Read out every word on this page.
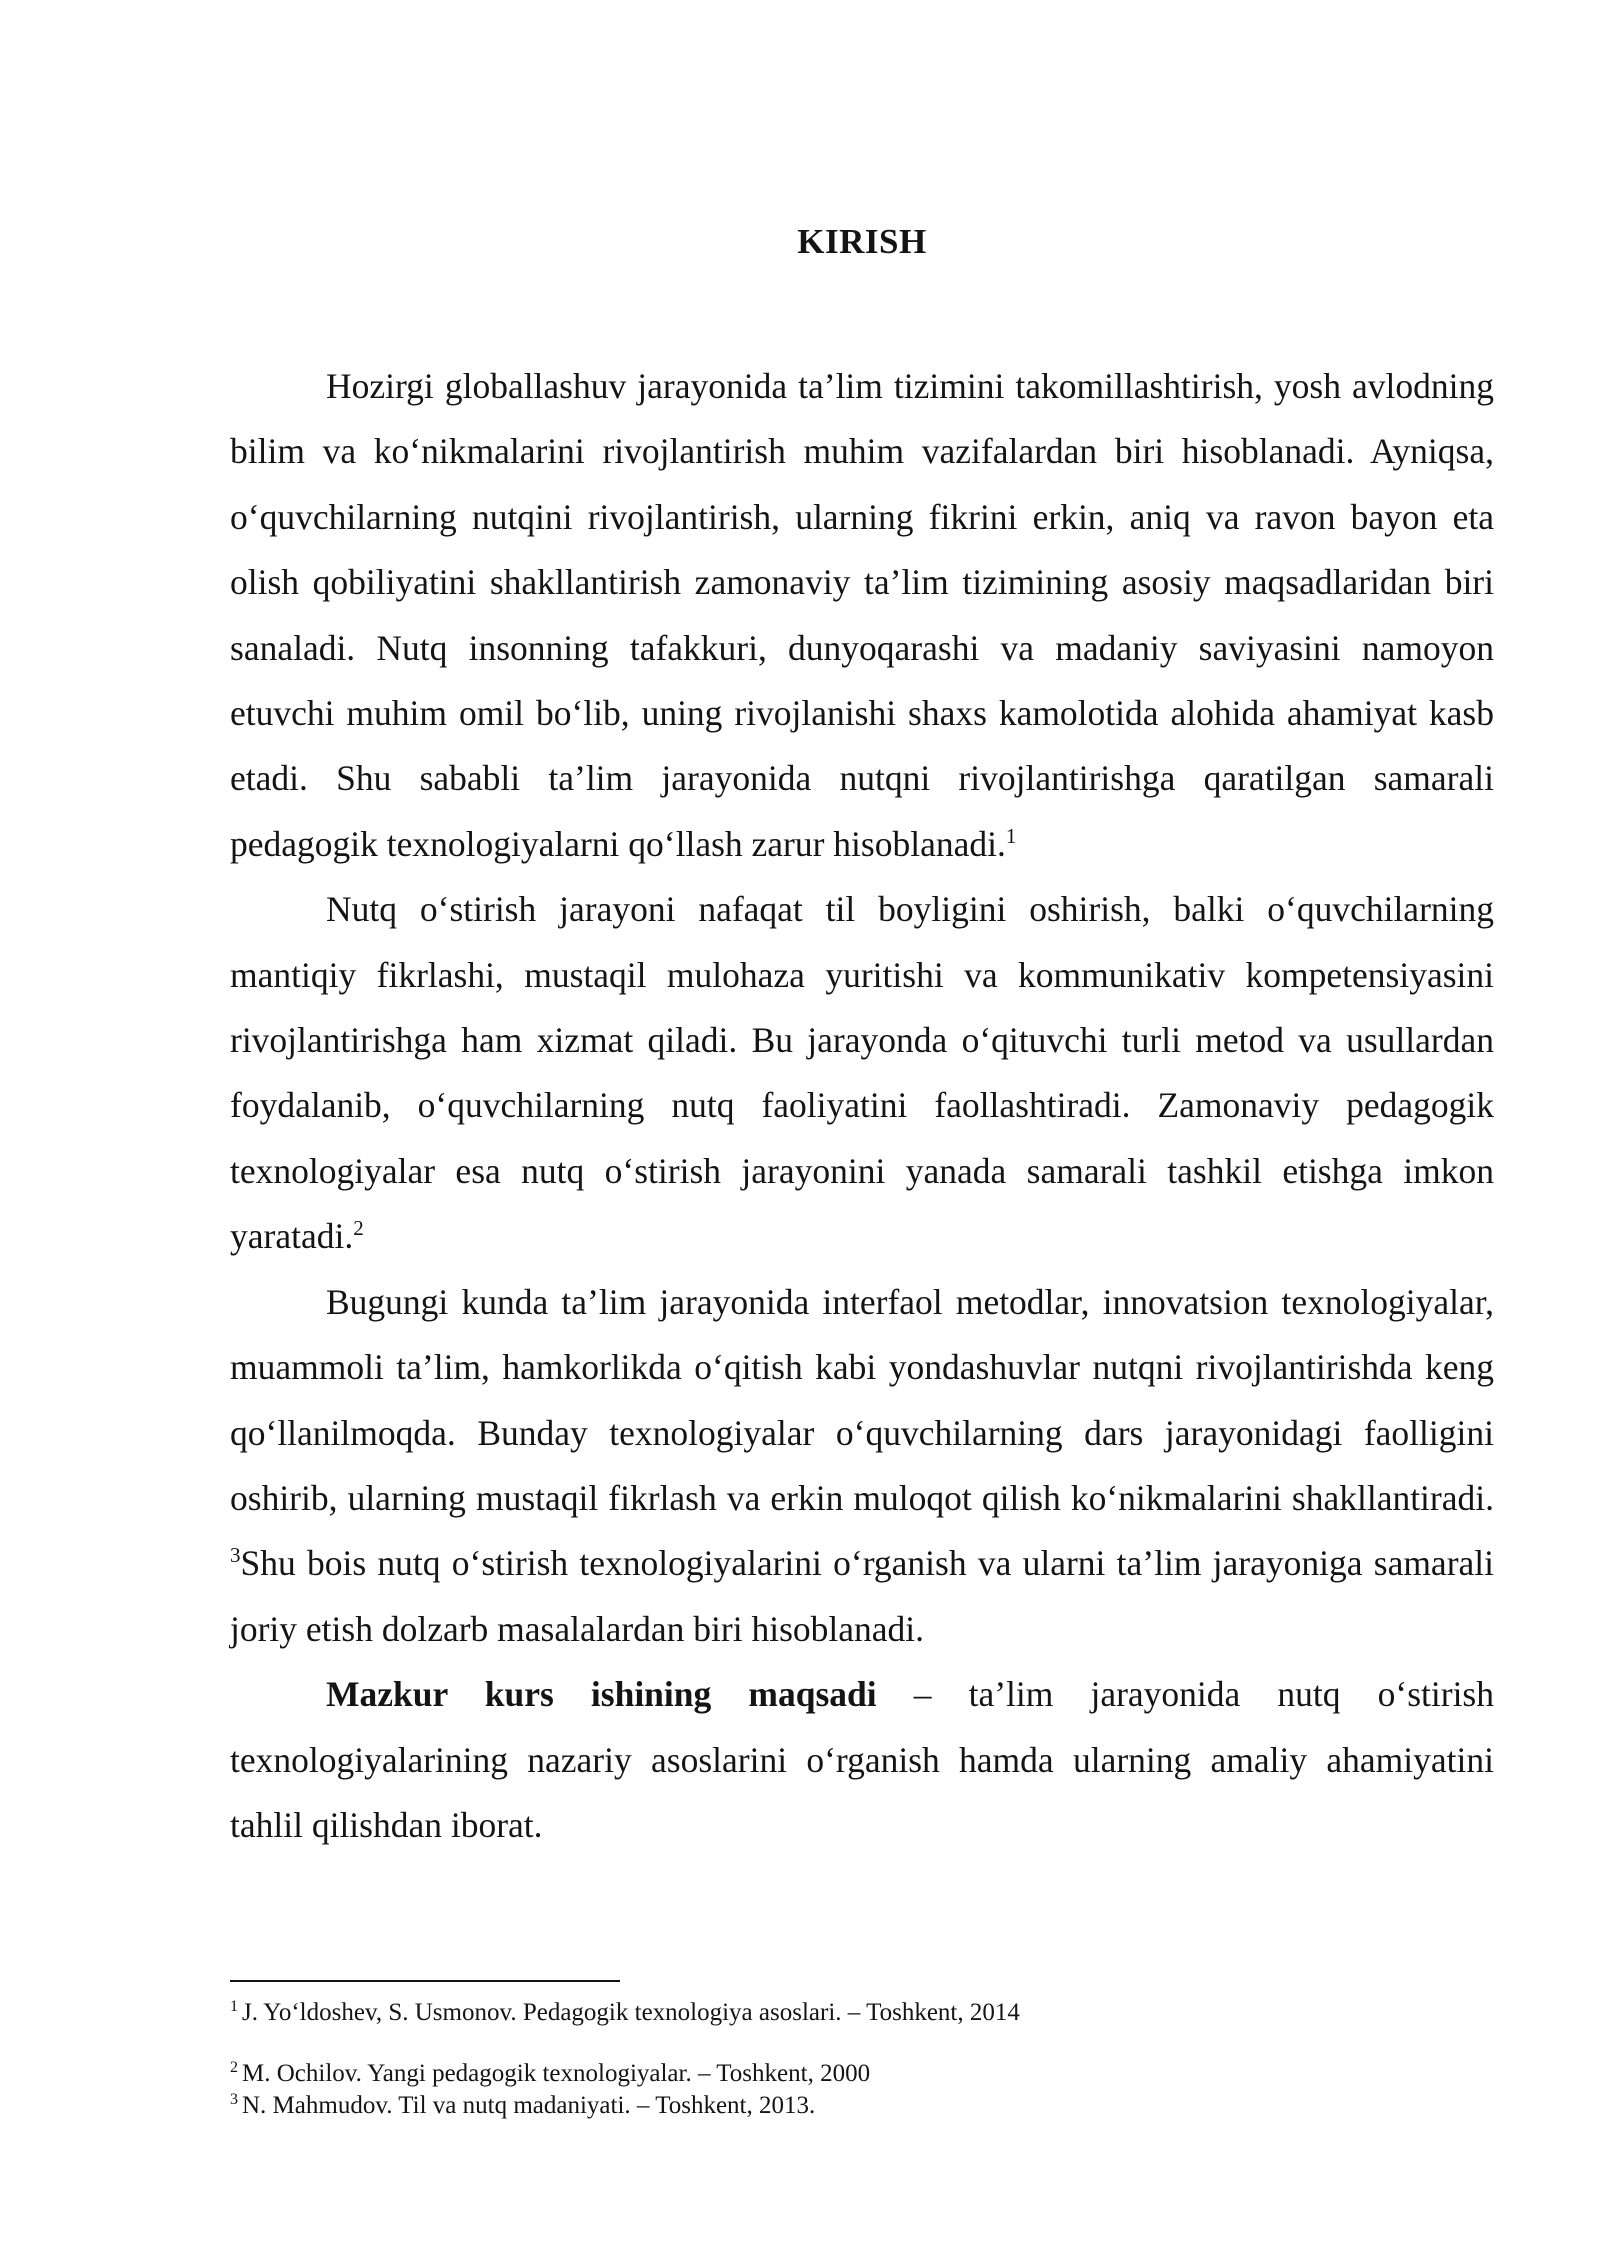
KIRISH

Hozirgi globallashuv jarayonida ta’lim tizimini takomillashtirish, yosh avlodning bilim va ko‘nikmalarini rivojlantirish muhim vazifalardan biri hisoblanadi. Ayniqsa, o‘quvchilarning nutqini rivojlantirish, ularning fikrini erkin, aniq va ravon bayon eta olish qobiliyatini shakllantirish zamonaviy ta’lim tizimining asosiy maqsadlaridan biri sanaladi. Nutq insonning tafakkuri, dunyoqarashi va madaniy saviyasini namoyon etuvchi muhim omil bo‘lib, uning rivojlanishi shaxs kamolotida alohida ahamiyat kasb etadi. Shu sababli ta’lim jarayonida nutqni rivojlantirishga qaratilgan samarali pedagogik texnologiyalarni qo‘llash zarur hisoblanadi.$^1$

Nutq o‘stirish jarayoni nafaqat til boyligini oshirish, balki o‘quvchilarning mantiqiy fikrlashi, mustaqil mulohaza yuritishi va kommunikativ kompetensiyasini rivojlantirishga ham xizmat qiladi. Bu jarayonda o‘qituvchi turli metod va usullardan foydalanib, o‘quvchilarning nutq faoliyatini faollashtiradi. Zamonaviy pedagogik texnologiyalar esa nutq o‘stirish jarayonini yanada samarali tashkil etishga imkon yaratadi.$^2$

Bugungi kunda ta’lim jarayonida interfaol metodlar, innovatsion texnologiyalar, muammoli ta’lim, hamkorlikda o‘qitish kabi yondashuvlar nutqni rivojlantirishda keng qo‘llanilmoqda. Bunday texnologiyalar o‘quvchilarning dars jarayonidagi faolligini oshirib, ularning mustaqil fikrlash va erkin muloqot qilish ko‘nikmalarini shakllantiradi. $^3$Shu bois nutq o‘stirish texnologiyalarini o‘rganish va ularni ta’lim jarayoniga samarali joriy etish dolzarb masalalardan biri hisoblanadi.

Mazkur kurs ishining maqsadi – ta’lim jarayonida nutq o‘stirish texnologiyalarining nazariy asoslarini o‘rganish hamda ularning amaliy ahamiyatini tahlil qilishdan iborat.

$^1$ J. Yo‘ldoshev, S. Usmonov. Pedagogik texnologiya asoslari. – Toshkent, 2014

$^2$ M. Ochilov. Yangi pedagogik texnologiyalar. – Toshkent, 2000

$^3$ N. Mahmudov. Til va nutq madaniyati. – Toshkent, 2013.
